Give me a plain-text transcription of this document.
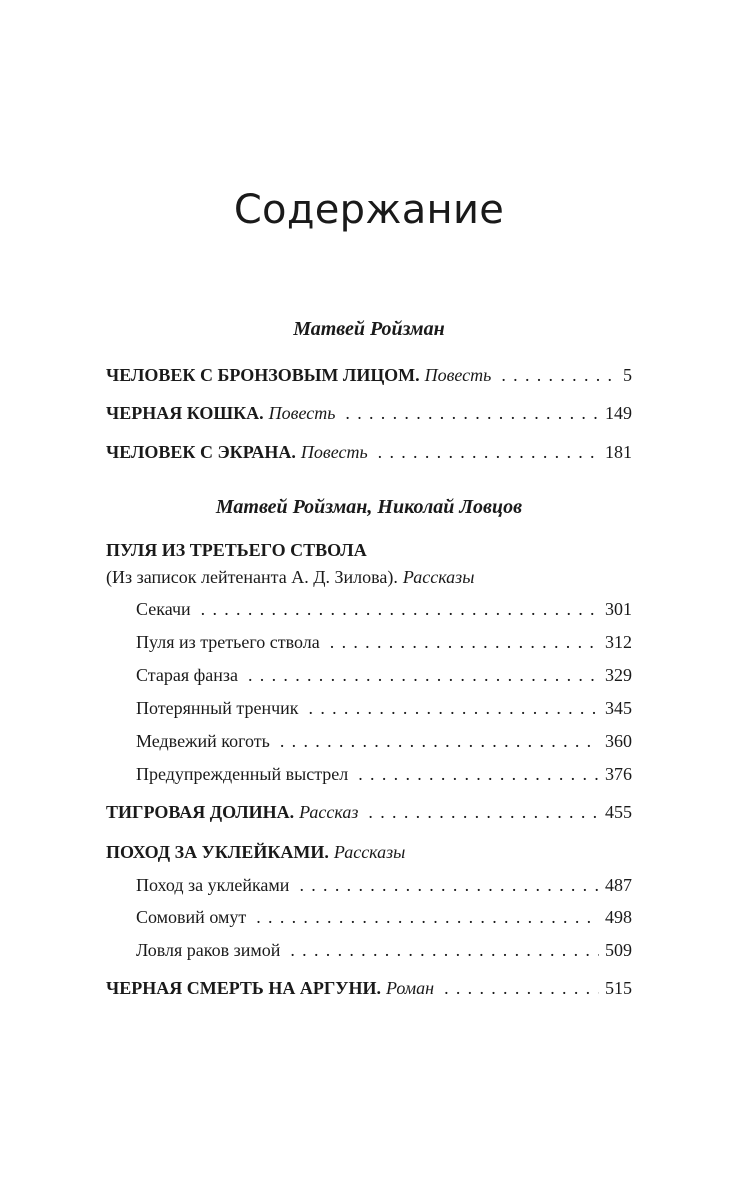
Содержание
Матвей Ройзман
ЧЕЛОВЕК С БРОНЗОВЫМ ЛИЦОМ. Повесть . . .	5
ЧЕРНАЯ КОШКА. Повесть . . .	149
ЧЕЛОВЕК С ЭКРАНА. Повесть . . .	181
Матвей Ройзман, Николай Ловцов
ПУЛЯ ИЗ ТРЕТЬЕГО СТВОЛА
(Из записок лейтенанта А. Д. Зилова). Рассказы
Секачи . . .	301
Пуля из третьего ствола . . .	312
Старая фанза . . .	329
Потерянный тренчик . . .	345
Медвежий коготь . . .	360
Предупрежденный выстрел . . .	376
ТИГРОВАЯ ДОЛИНА. Рассказ . . .	455
ПОХОД ЗА УКЛЕЙКАМИ. Рассказы
Поход за уклейками . . .	487
Сомовий омут . . .	498
Ловля раков зимой . . .	509
ЧЕРНАЯ СМЕРТЬ НА АРГУНИ. Роман . . .	515
